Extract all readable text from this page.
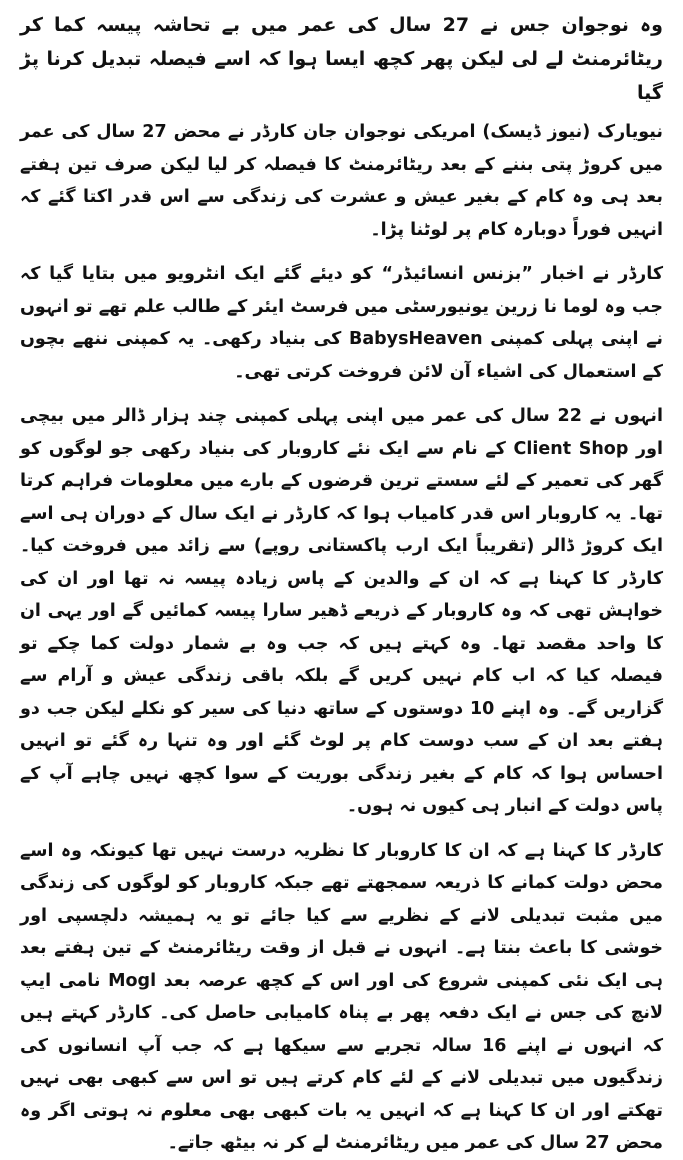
وہ نوجوان جس نے 27 سال کی عمر میں بے تحاشہ پیسہ کما کر ریٹائرمنٹ لے لی لیکن پھر کچھ ایسا ہوا کہ اسے فیصلہ تبدیل کرنا پڑ گیا

نیویارک (نیوز ڈیسک) امریکی نوجوان جان کارڈر نے محض 27 سال کی عمر میں کروڑ پتی بننے کے بعد ریٹائرمنٹ کا فیصلہ کر لیا لیکن صرف تین ہفتے بعد ہی وہ کام کے بغیر عیش و عشرت کی زندگی سے اس قدر اکتا گئے کہ انہیں فوراً دوبارہ کام پر لوٹنا پڑا۔

کارڈر نے اخبار ”بزنس انسائیڈر“ کو دیئے گئے ایک انٹرویو میں بتایا گیا کہ جب وہ لوما نا زرین یونیورسٹی میں فرسٹ ایئر کے طالب علم تھے تو انہوں نے اپنی پہلی کمپنی BabysHeaven کی بنیاد رکھی۔ یہ کمپنی ننھے بچوں کے استعمال کی اشیاء آن لائن فروخت کرتی تھی۔

انہوں نے 22 سال کی عمر میں اپنی پہلی کمپنی چند ہزار ڈالر میں بیچی اور Client Shop کے نام سے ایک نئے کاروبار کی بنیاد رکھی جو لوگوں کو گھر کی تعمیر کے لئے سستے ترین قرضوں کے بارے میں معلومات فراہم کرتا تھا۔ یہ کاروبار اس قدر کامیاب ہوا کہ کارڈر نے ایک سال کے دوران ہی اسے ایک کروڑ ڈالر (تقریباً ایک ارب پاکستانی روپے) سے زائد میں فروخت کیا۔ کارڈر کا کہنا ہے کہ ان کے والدین کے پاس زیادہ پیسہ نہ تھا اور ان کی خواہش تھی کہ وہ کاروبار کے ذریعے ڈھیر سارا پیسہ کمائیں گے اور یہی ان کا واحد مقصد تھا۔ وہ کہتے ہیں کہ جب وہ بے شمار دولت کما چکے تو فیصلہ کیا کہ اب کام نہیں کریں گے بلکہ باقی زندگی عیش و آرام سے گزاریں گے۔ وہ اپنے 10 دوستوں کے ساتھ دنیا کی سیر کو نکلے لیکن جب دو ہفتے بعد ان کے سب دوست کام پر لوٹ گئے اور وہ تنہا رہ گئے تو انہیں احساس ہوا کہ کام کے بغیر زندگی بوریت کے سوا کچھ نہیں چاہے آپ کے پاس دولت کے انبار ہی کیوں نہ ہوں۔

کارڈر کا کہنا ہے کہ ان کا کاروبار کا نظریہ درست نہیں تھا کیونکہ وہ اسے محض دولت کمانے کا ذریعہ سمجھتے تھے جبکہ کاروبار کو لوگوں کی زندگی میں مثبت تبدیلی لانے کے نظریے سے کیا جائے تو یہ ہمیشہ دلچسپی اور خوشی کا باعث بنتا ہے۔ انہوں نے قبل از وقت ریٹائرمنٹ کے تین ہفتے بعد ہی ایک نئی کمپنی شروع کی اور اس کے کچھ عرصہ بعد Mogl نامی ایپ لانچ کی جس نے ایک دفعہ پھر بے پناہ کامیابی حاصل کی۔ کارڈر کہتے ہیں کہ انہوں نے اپنے 16 سالہ تجربے سے سیکھا ہے کہ جب آپ انسانوں کی زندگیوں میں تبدیلی لانے کے لئے کام کرتے ہیں تو اس سے کبھی بھی نہیں تھکتے اور ان کا کہنا ہے کہ انہیں یہ بات کبھی بھی معلوم نہ ہوتی اگر وہ محض 27 سال کی عمر میں ریٹائرمنٹ لے کر نہ بیٹھ جاتے۔
